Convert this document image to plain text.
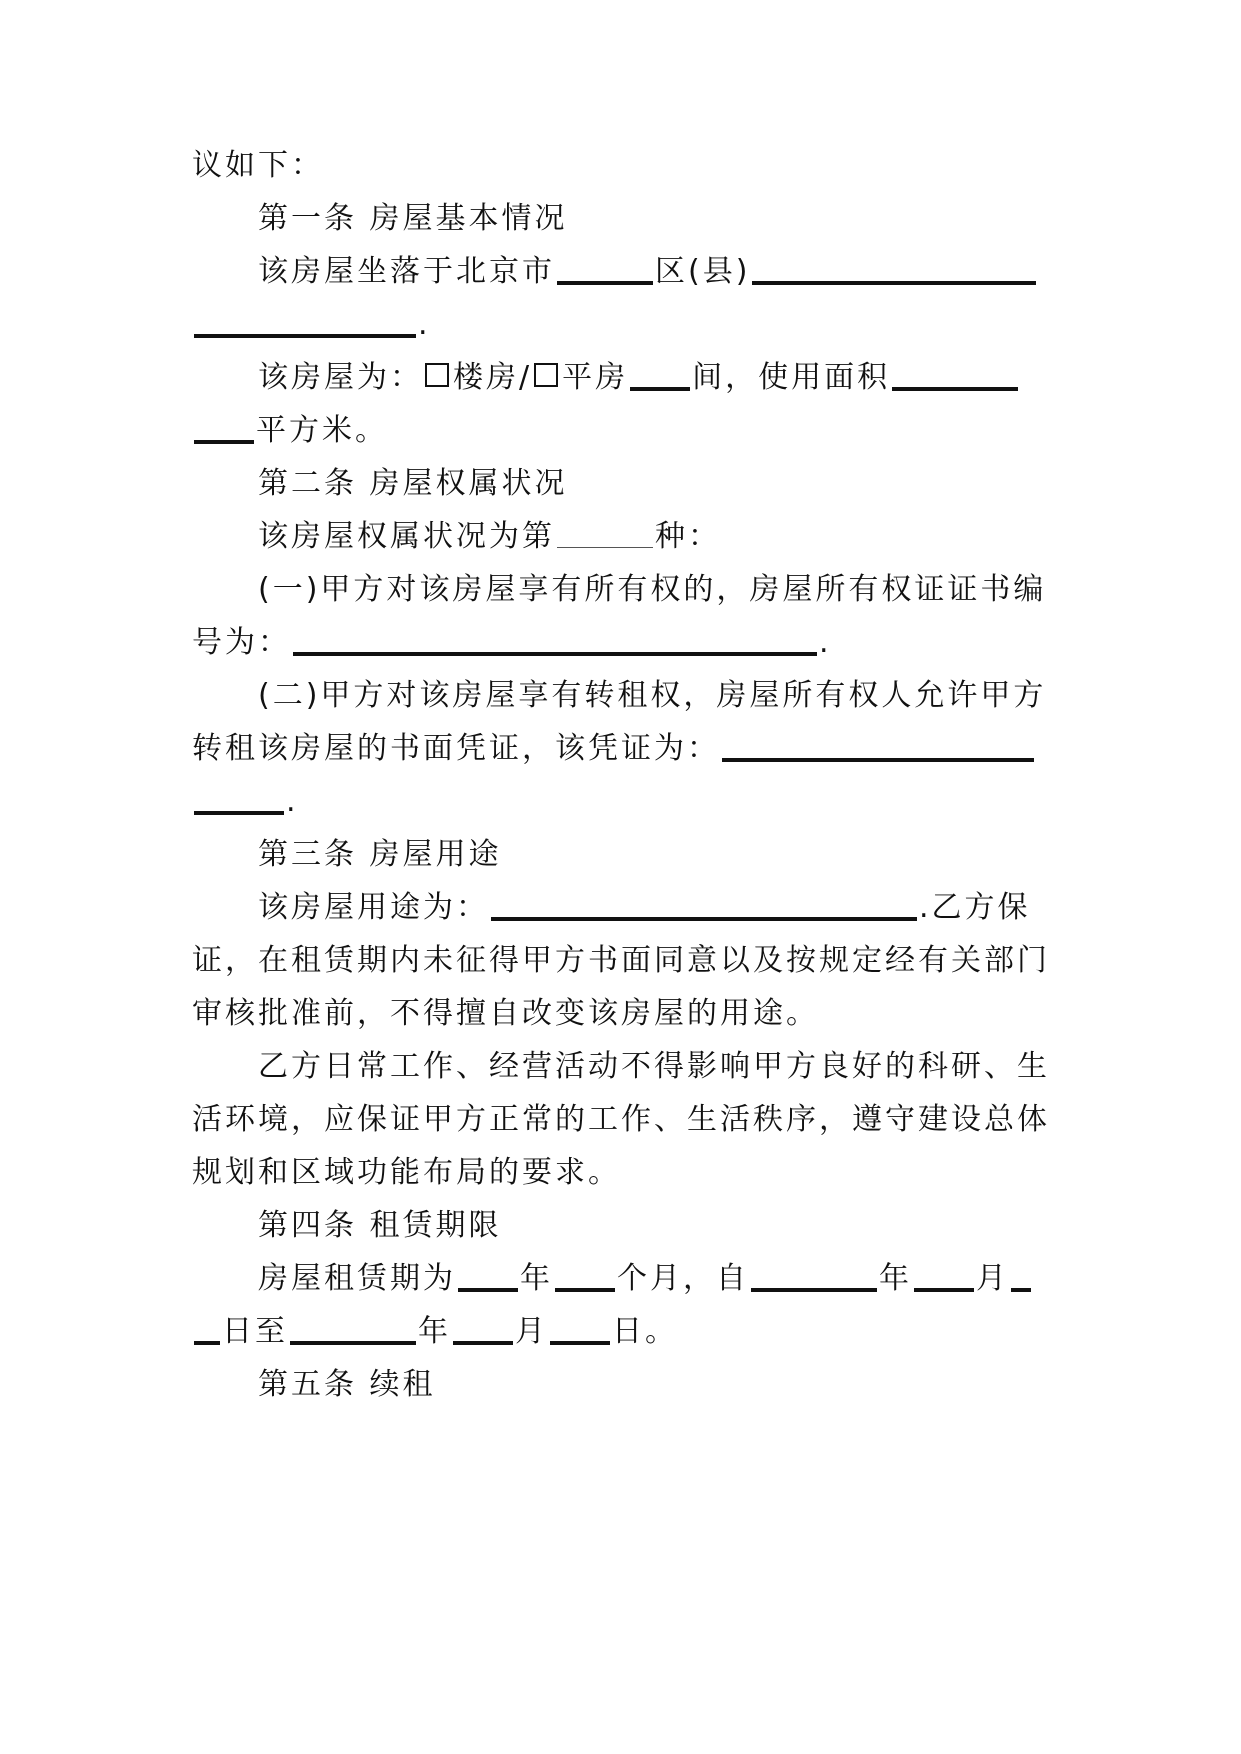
议如下：
第一条 房屋基本情况
该房屋坐落于北京市	区(县)
.
该房屋为： 楼房/ 平房 间，使用面积
平方米。
第二条 房屋权属状况
该房屋权属状况为第	种：
(一)甲方对该房屋享有所有权的，房屋所有权证证书编
号为：	.
(二)甲方对该房屋享有转租权，房屋所有权人允许甲方
转租该房屋的书面凭证，该凭证为：
.
第三条 房屋用途
该房屋用途为：	.乙方保
证，在租赁期内未征得甲方书面同意以及按规定经有关部门
审核批准前，不得擅自改变该房屋的用途。
乙方日常工作、经营活动不得影响甲方良好的科研、生
活环境，应保证甲方正常的工作、生活秩序，遵守建设总体
规划和区域功能布局的要求。
第四条 租赁期限
房屋租赁期为 年 个月，自	年 月
日至	年 月 日。
第五条 续租
